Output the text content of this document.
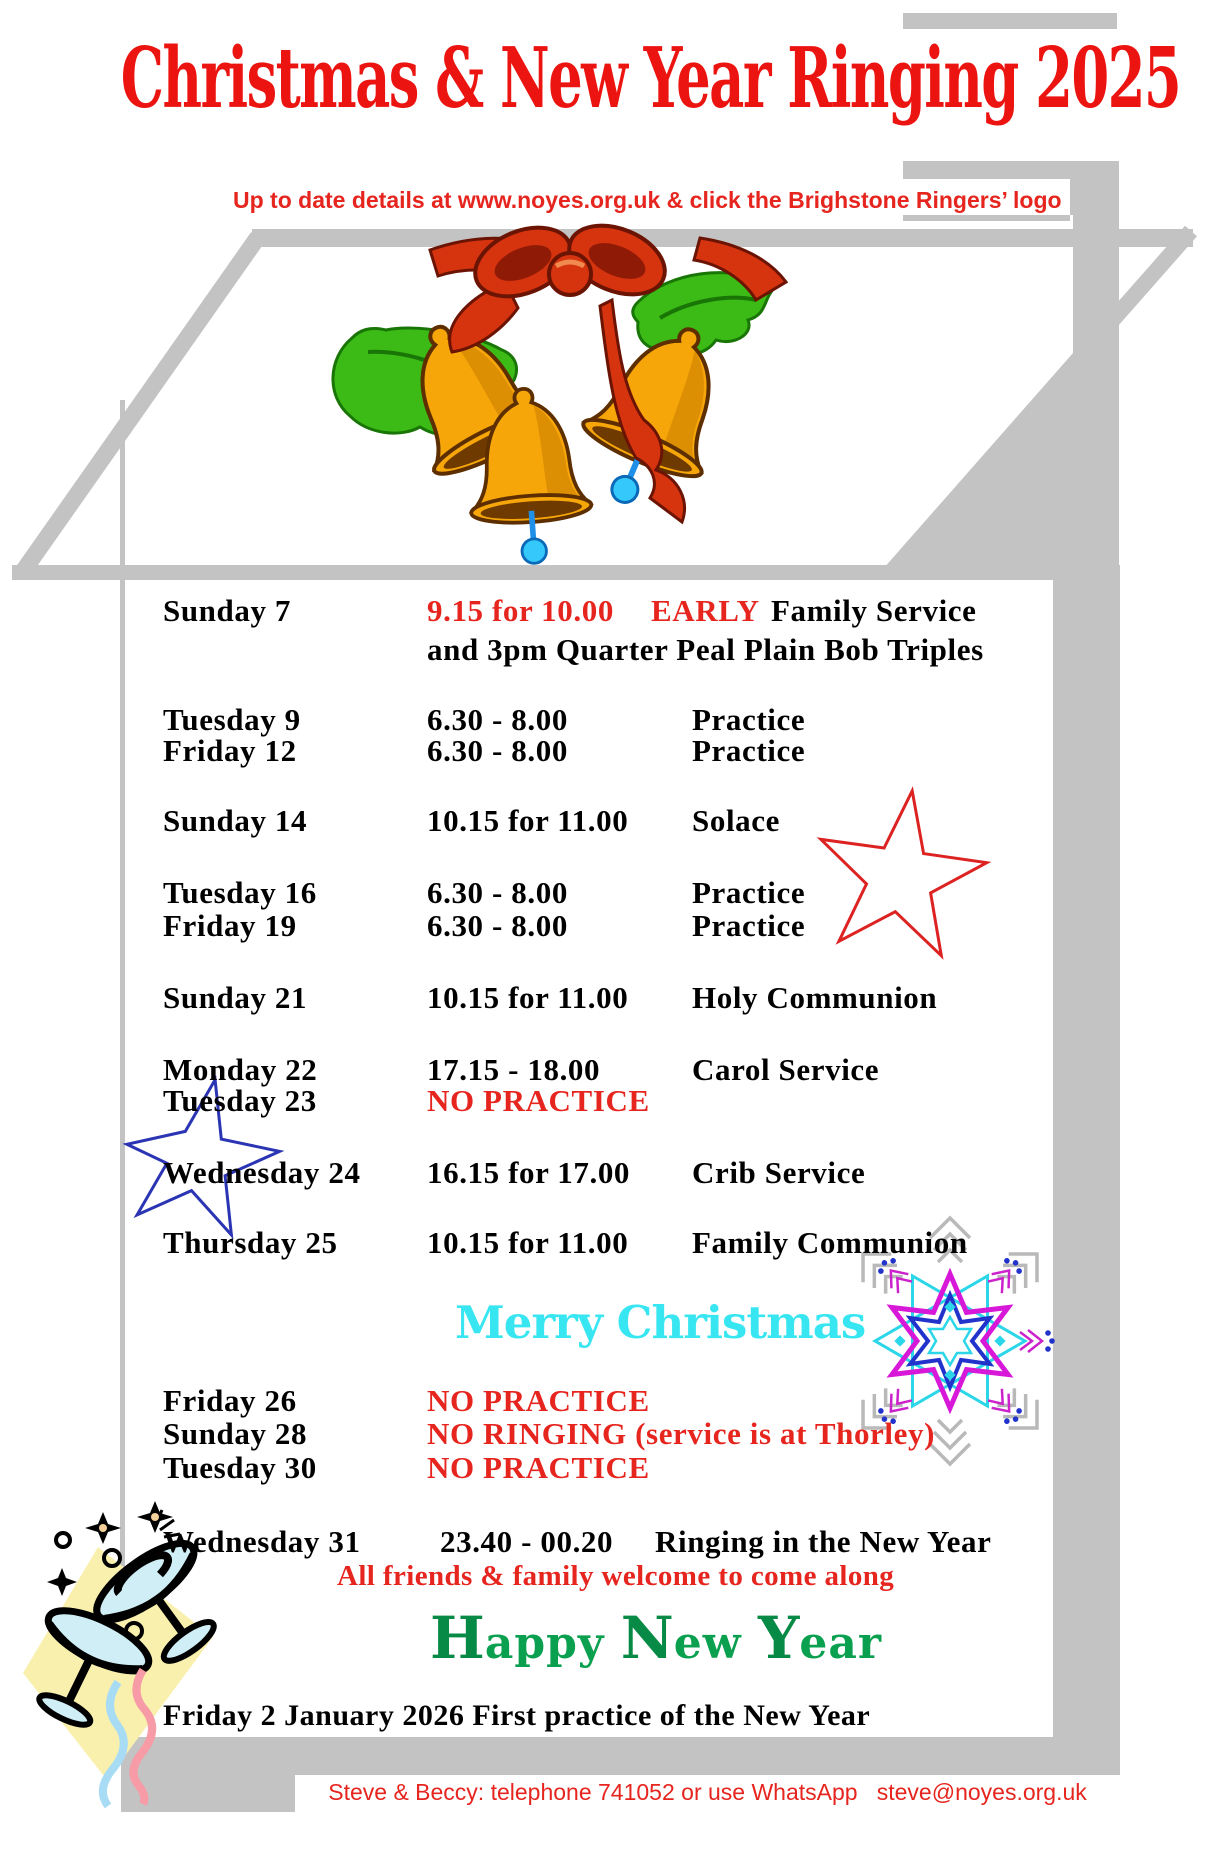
Christmas & New Year Ringing 2025
Up to date details at www.noyes.org.uk & click the Brighstone Ringers’ logo
Sunday 7	9.15 for 10.00 EARLY Family Service
and 3pm Quarter Peal Plain Bob Triples
Tuesday 9	6.30 - 8.00	Practice
Friday 12	6.30 - 8.00	Practice
Sunday 14	10.15 for 11.00 Solace
Tuesday 16	6.30 - 8.00	Practice
Friday 19	6.30 - 8.00	Practice
Sunday 21	10.15 for 11.00 Holy Communion
Monday 22	17.15 - 18.00	Carol Service
Tuesday 23	NO PRACTICE
Wednesday 24 16.15 for 17.00 Crib Service
Thursday 25	10.15 for 11.00 Family Communion
Friday 26	NO PRACTICE
Sunday 28	NO RINGING (service is at Thorley)
Tuesday 30	NO PRACTICE
Wednesday 31	23.40 - 00.20 Ringing in the New Year
Merry Christmas
All friends & family welcome to come along
Happy New Year
Friday 2 January 2026 First practice of the New Year
Steve & Beccy: telephone 741052 or use WhatsApp   steve@noyes.org.uk
